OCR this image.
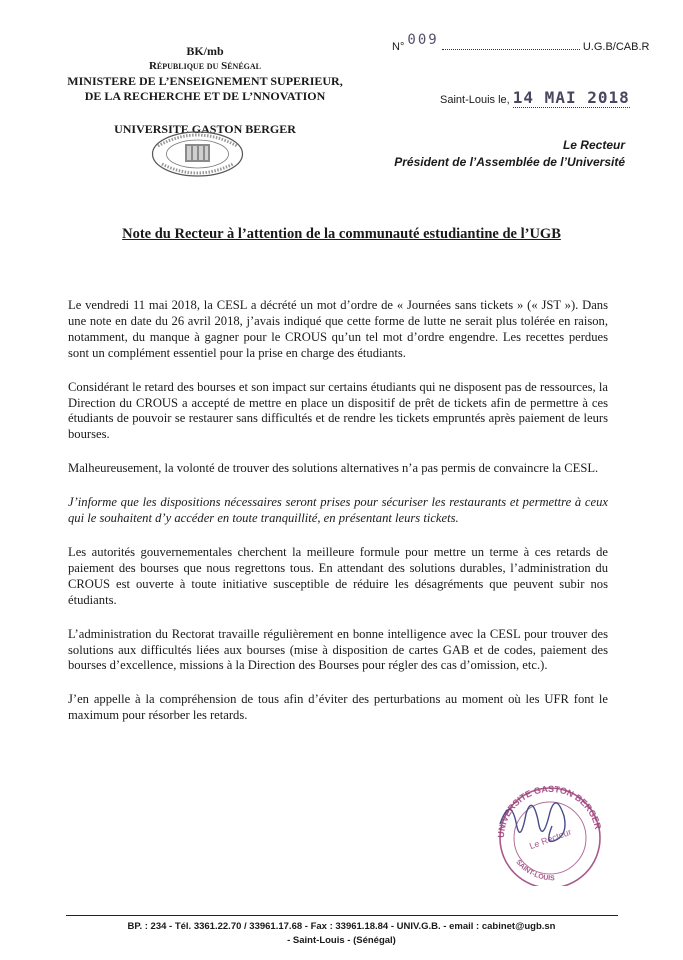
BK/mb
République du Sénégal
MINISTERE DE L’ENSEIGNEMENT SUPERIEUR,
DE LA RECHERCHE ET DE L’NNOVATION
UNIVERSITE GASTON BERGER
N° 009	U.G.B/CAB.R
Saint-Louis le, 14 MAI 2018
Le Recteur
Président de l’Assemblée de l’Université
Note du Recteur à l’attention de la communauté estudiantine de l’UGB

Le vendredi 11 mai 2018, la CESL a décrété un mot d’ordre de « Journées sans tickets » (« JST »). Dans une note en date du 26 avril 2018, j’avais indiqué que cette forme de lutte ne serait plus tolérée en raison, notamment, du manque à gagner pour le CROUS qu’un tel mot d’ordre engendre. Les recettes perdues sont un complément essentiel pour la prise en charge des étudiants.

Considérant le retard des bourses et son impact sur certains étudiants qui ne disposent pas de ressources, la Direction du CROUS a accepté de mettre en place un dispositif de prêt de tickets afin de permettre à ces étudiants de pouvoir se restaurer sans difficultés et de rendre les tickets empruntés après paiement de leurs bourses.

Malheureusement, la volonté de trouver des solutions alternatives n’a pas permis de convaincre la CESL.

J’informe que les dispositions nécessaires seront prises pour sécuriser les restaurants et permettre à ceux qui le souhaitent d’y accéder en toute tranquillité, en présentant leurs tickets.

Les autorités gouvernementales cherchent la meilleure formule pour mettre un terme à ces retards de paiement des bourses que nous regrettons tous. En attendant des solutions durables, l’administration du CROUS est ouverte à toute initiative susceptible de réduire les désagréments que peuvent subir nos étudiants.

L’administration du Rectorat travaille régulièrement en bonne intelligence avec la CESL pour trouver des solutions aux difficultés liées aux bourses (mise à disposition de cartes GAB et de codes, paiement des bourses d’excellence, missions à la Direction des Bourses pour régler des cas d’omission, etc.).

J’en appelle à la compréhension de tous afin d’éviter des perturbations au moment où les UFR font le maximum pour résorber les retards.

UNIVERSITE GASTON BERGER
Le Recteur
SAINT-LOUIS
BP. : 234 - Tél. 3361.22.70 / 33961.17.68 - Fax : 33961.18.84 - UNIV.G.B. - email : cabinet@ugb.sn
- Saint-Louis - (Sénégal)
